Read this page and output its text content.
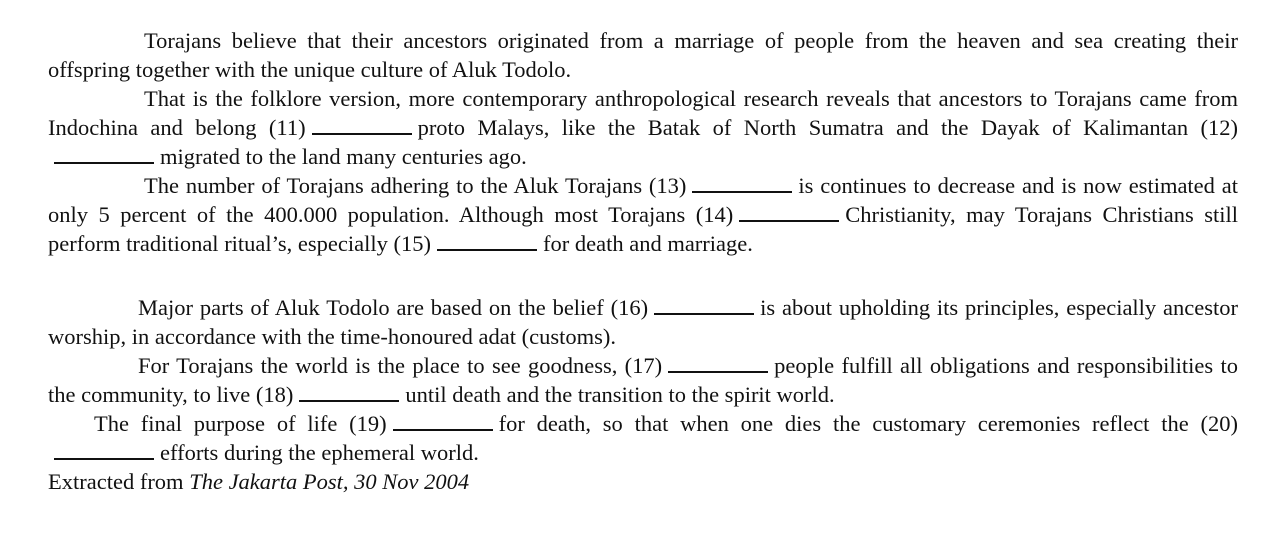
Torajans believe that their ancestors originated from a marriage of people from the heaven and sea creating their offspring together with the unique culture of Aluk Todolo.

That is the folklore version, more contemporary anthropological research reveals that ancestors to Torajans came from Indochina and belong (11)	proto Malays, like the Batak of North Sumatra and the Dayak of Kalimantan (12)migrated to the land many centuries ago.

The number of Torajans adhering to the Aluk Torajans (13)	is continues to decrease and is now estimated at only 5 percent of the 400.000 population. Although most Torajans (14)	Christianity, may Torajans Christians still perform traditional ritual’s, especially (15)	for death and marriage.

Major parts of Aluk Todolo are based on the belief (16)	is about upholding its principles, especially ancestor worship, in accordance with the time-honoured adat (customs).

For Torajans the world is the place to see goodness, (17)	people fulfill all obligations and responsibilities to the community, to live (18)	until death and the transition to the spirit world.

The final purpose of life (19)	for death, so that when one dies the customary ceremonies reflect the (20)efforts during the ephemeral world.

Extracted from The Jakarta Post, 30 Nov 2004
